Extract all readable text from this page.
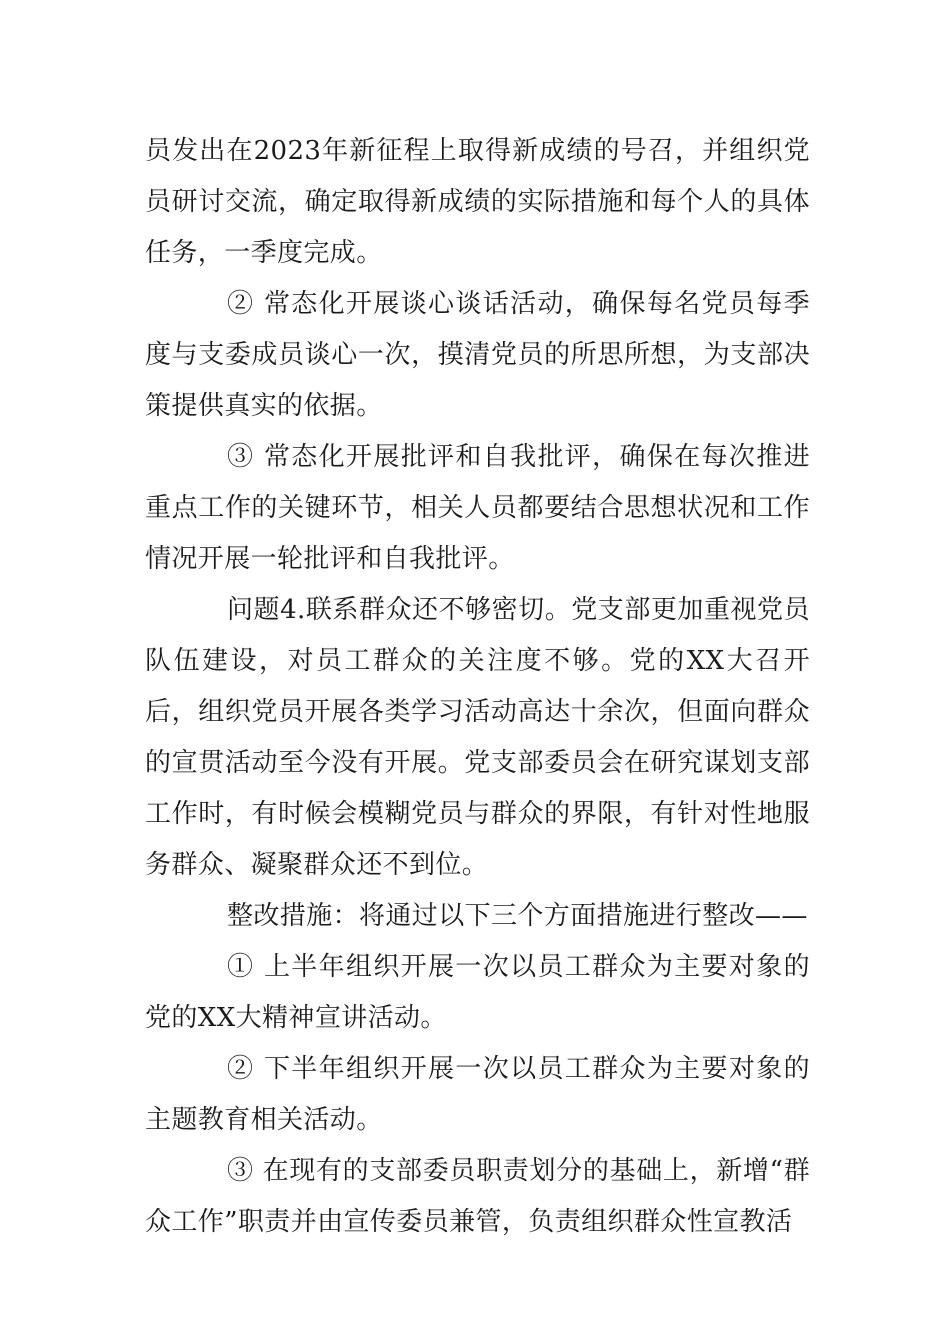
员发出在2023年新征程上取得新成绩的号召，并组织党员研讨交流，确定取得新成绩的实际措施和每个人的具体任务，一季度完成。

② 常态化开展谈心谈话活动，确保每名党员每季度与支委成员谈心一次，摸清党员的所思所想，为支部决策提供真实的依据。

③ 常态化开展批评和自我批评，确保在每次推进重点工作的关键环节，相关人员都要结合思想状况和工作情况开展一轮批评和自我批评。

问题4.联系群众还不够密切。党支部更加重视党员队伍建设，对员工群众的关注度不够。党的XX大召开后，组织党员开展各类学习活动高达十余次，但面向群众的宣贯活动至今没有开展。党支部委员会在研究谋划支部工作时，有时候会模糊党员与群众的界限，有针对性地服务群众、凝聚群众还不到位。

整改措施：将通过以下三个方面措施进行整改——

① 上半年组织开展一次以员工群众为主要对象的党的XX大精神宣讲活动。

② 下半年组织开展一次以员工群众为主要对象的主题教育相关活动。

③ 在现有的支部委员职责划分的基础上，新增“群众工作”职责并由宣传委员兼管，负责组织群众性宣教活
